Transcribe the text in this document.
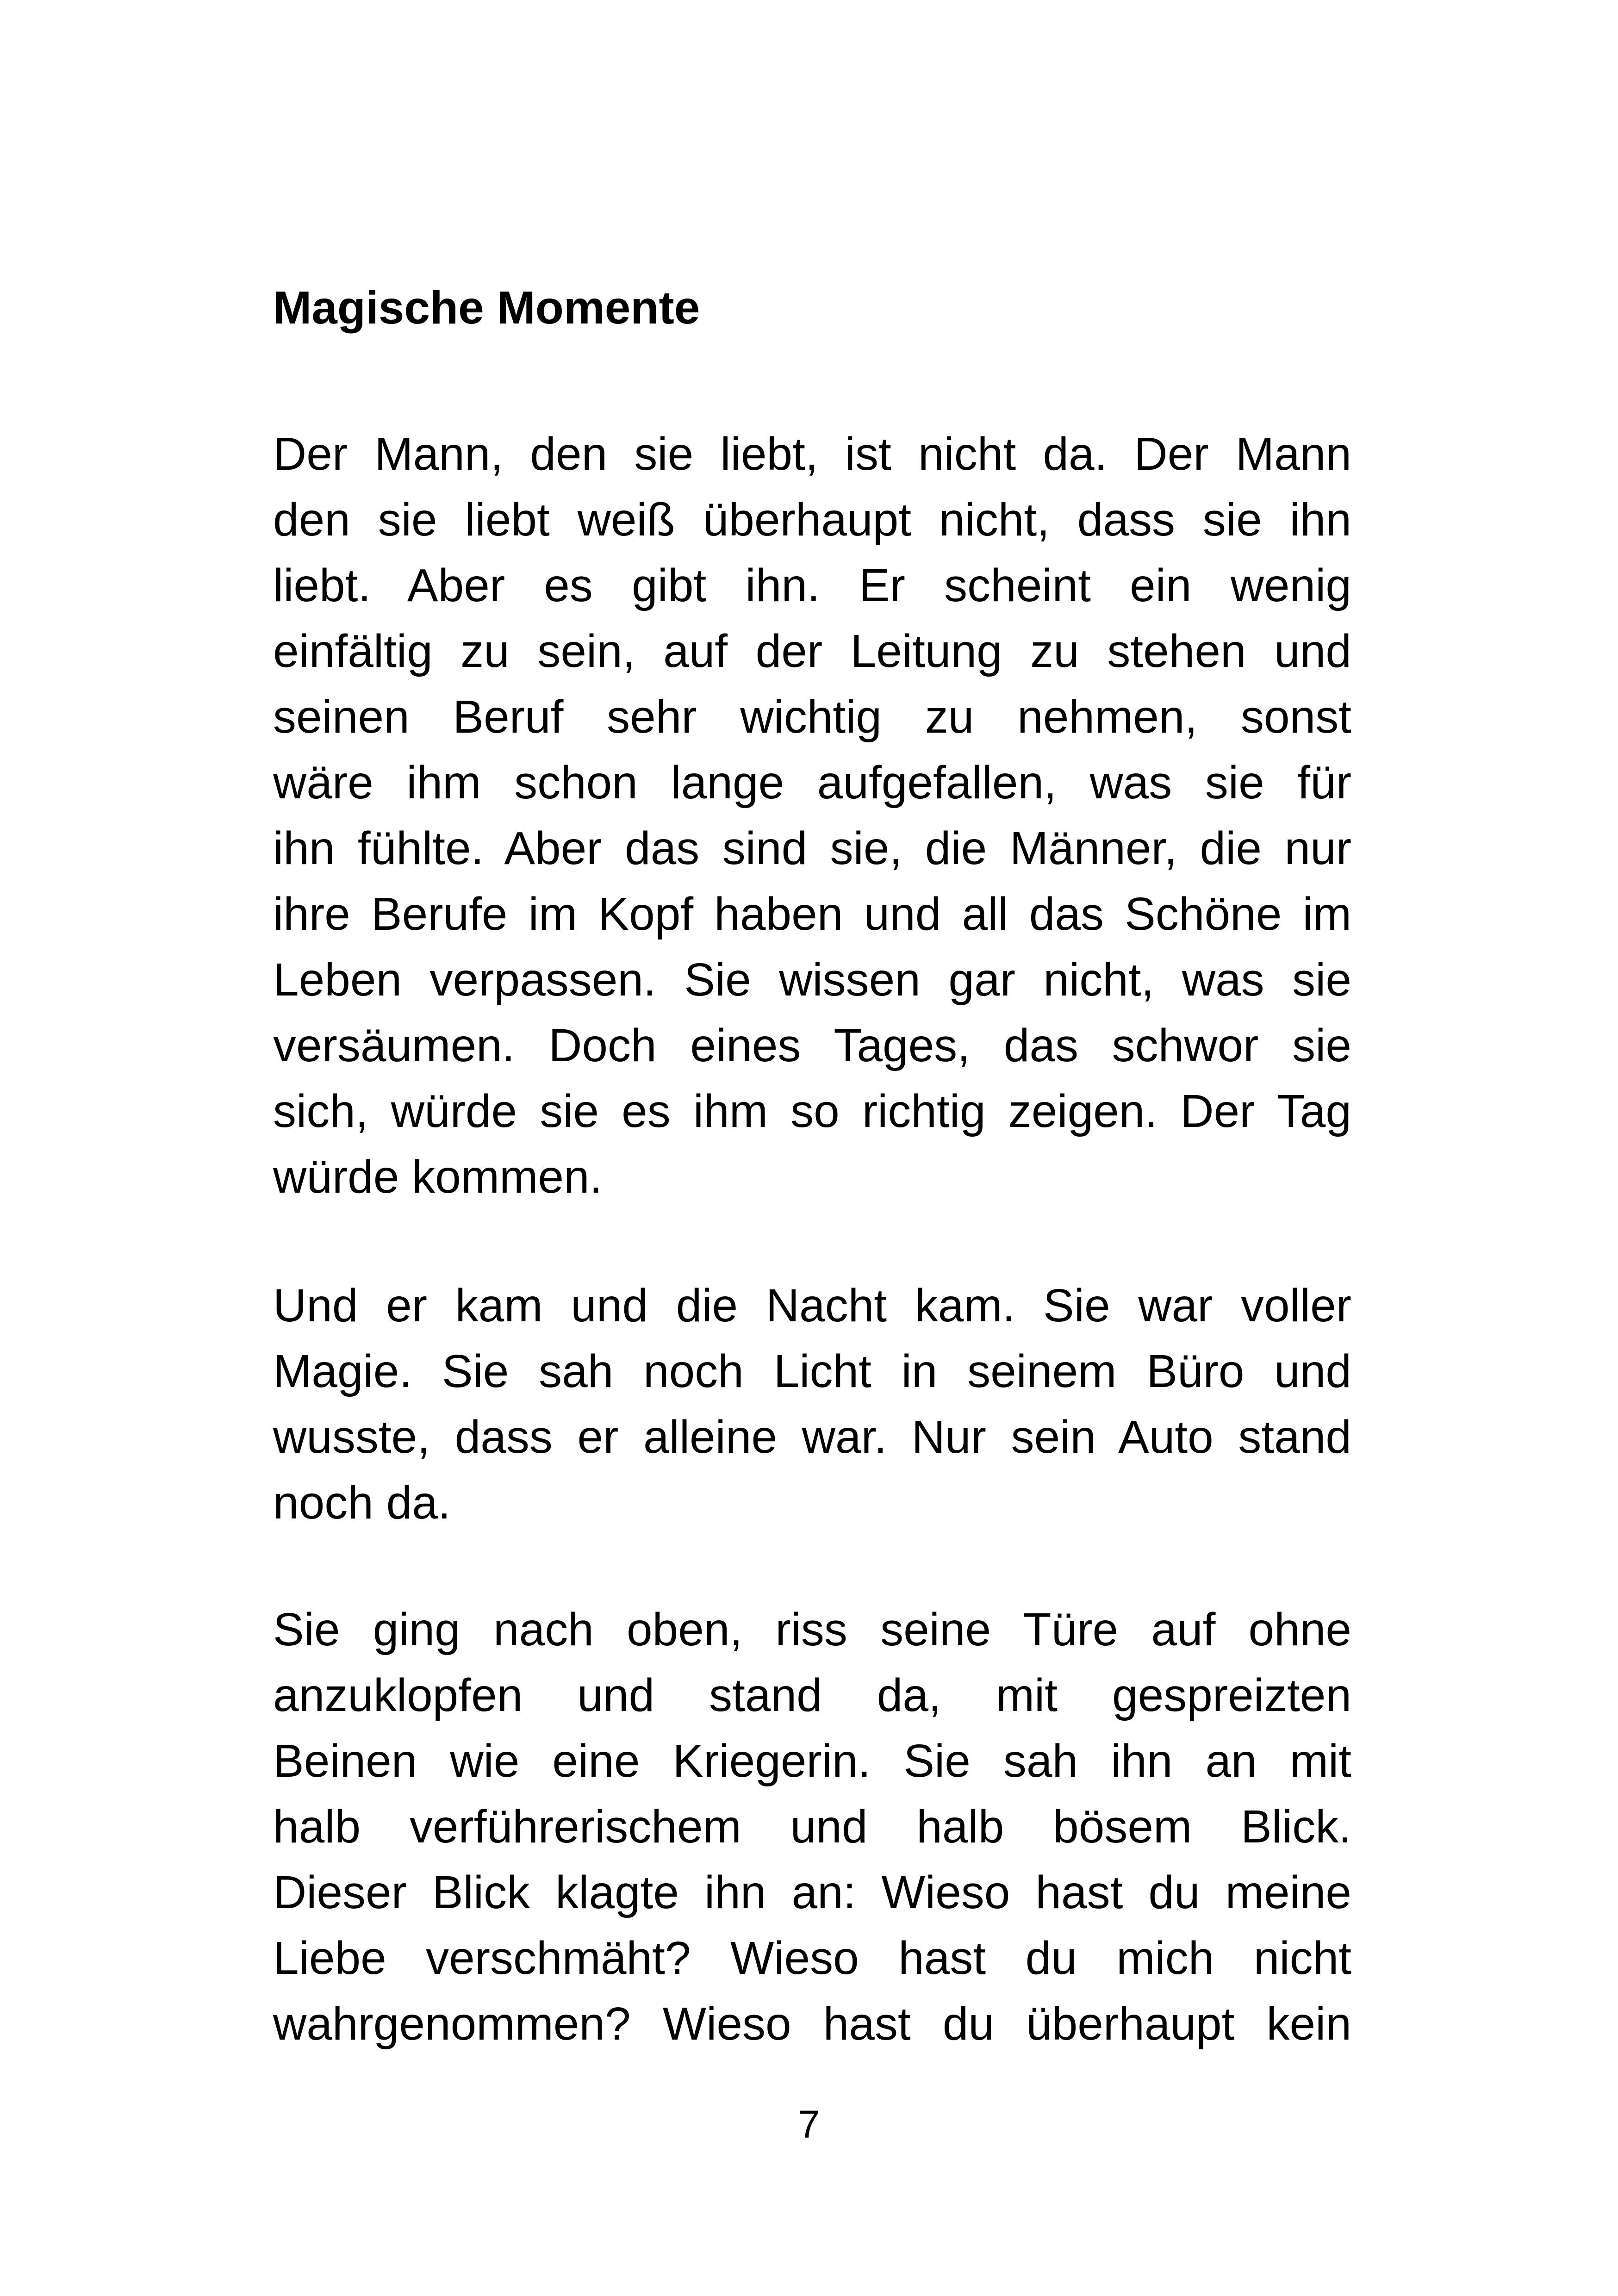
Magische Momente
Der Mann, den sie liebt, ist nicht da. Der Mann
den sie liebt weiß überhaupt nicht, dass sie ihn
liebt. Aber es gibt ihn. Er scheint ein wenig
einfältig zu sein, auf der Leitung zu stehen und
seinen Beruf sehr wichtig zu nehmen, sonst
wäre ihm schon lange aufgefallen, was sie für
ihn fühlte. Aber das sind sie, die Männer, die nur
ihre Berufe im Kopf haben und all das Schöne im
Leben verpassen. Sie wissen gar nicht, was sie
versäumen. Doch eines Tages, das schwor sie
sich, würde sie es ihm so richtig zeigen. Der Tag
würde kommen.
Und er kam und die Nacht kam. Sie war voller
Magie. Sie sah noch Licht in seinem Büro und
wusste, dass er alleine war. Nur sein Auto stand
noch da.
Sie ging nach oben, riss seine Türe auf ohne
anzuklopfen und stand da, mit gespreizten
Beinen wie eine Kriegerin. Sie sah ihn an mit
halb verführerischem und halb bösem Blick.
Dieser Blick klagte ihn an: Wieso hast du meine
Liebe verschmäht? Wieso hast du mich nicht
wahrgenommen? Wieso hast du überhaupt kein
7
